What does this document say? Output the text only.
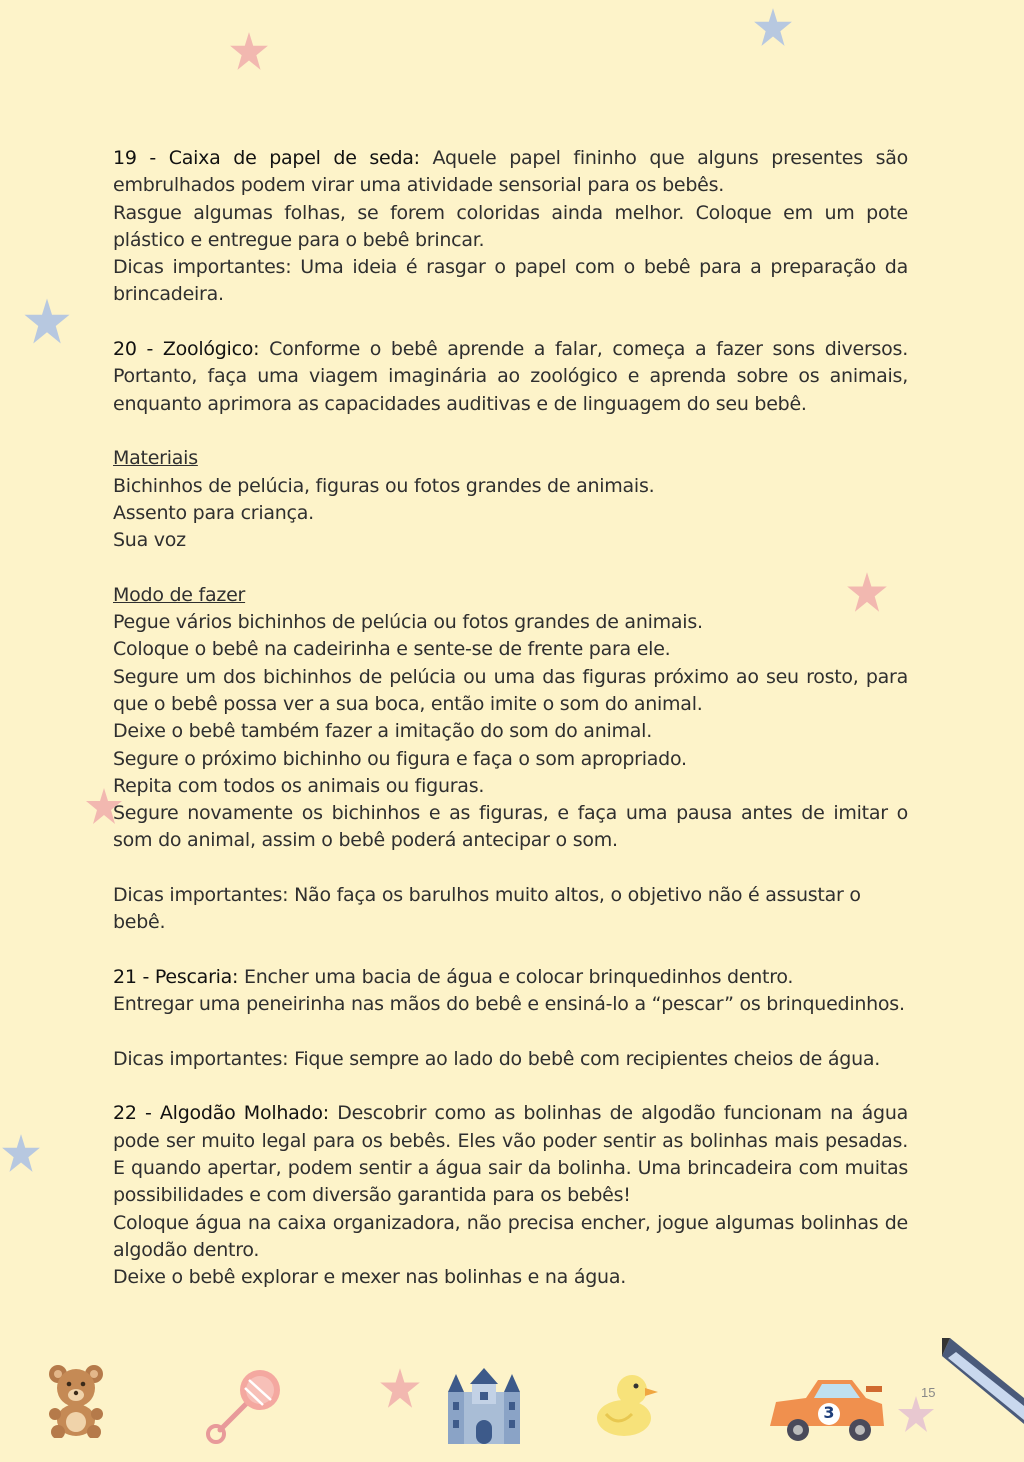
19 - Caixa de papel de seda: Aquele papel fininho que alguns presentes são embrulhados podem virar uma atividade sensorial para os bebês.

Rasgue algumas folhas, se forem coloridas ainda melhor. Coloque em um pote plástico e entregue para o bebê brincar.

Dicas importantes: Uma ideia é rasgar o papel com o bebê para a preparação da brincadeira.

20 - Zoológico: Conforme o bebê aprende a falar, começa a fazer sons diversos. Portanto, faça uma viagem imaginária ao zoológico e aprenda sobre os animais, enquanto aprimora as capacidades auditivas e de linguagem do seu bebê.

Materiais

Bichinhos de pelúcia, figuras ou fotos grandes de animais.

Assento para criança.

Sua voz

Modo de fazer

Pegue vários bichinhos de pelúcia ou fotos grandes de animais.

Coloque o bebê na cadeirinha e sente-se de frente para ele.

Segure um dos bichinhos de pelúcia ou uma das figuras próximo ao seu rosto, para que o bebê possa ver a sua boca, então imite o som do animal.

Deixe o bebê também fazer a imitação do som do animal.

Segure o próximo bichinho ou figura e faça o som apropriado.

Repita com todos os animais ou figuras.

Segure novamente os bichinhos e as figuras, e faça uma pausa antes de imitar o som do animal, assim o bebê poderá antecipar o som.

Dicas importantes: Não faça os barulhos muito altos, o objetivo não é assustar o bebê.

21 - Pescaria: Encher uma bacia de água e colocar brinquedinhos dentro.

Entregar uma peneirinha nas mãos do bebê e ensiná-lo a “pescar” os brinquedinhos.

Dicas importantes: Fique sempre ao lado do bebê com recipientes cheios de água.

22 - Algodão Molhado: Descobrir como as bolinhas de algodão funcionam na água pode ser muito legal para os bebês. Eles vão poder sentir as bolinhas mais pesadas. E quando apertar, podem sentir a água sair da bolinha. Uma brincadeira com muitas possibilidades e com diversão garantida para os bebês!

Coloque água na caixa organizadora, não precisa encher, jogue algumas bolinhas de algodão dentro.

Deixe o bebê explorar e mexer nas bolinhas e na água.

3
15
